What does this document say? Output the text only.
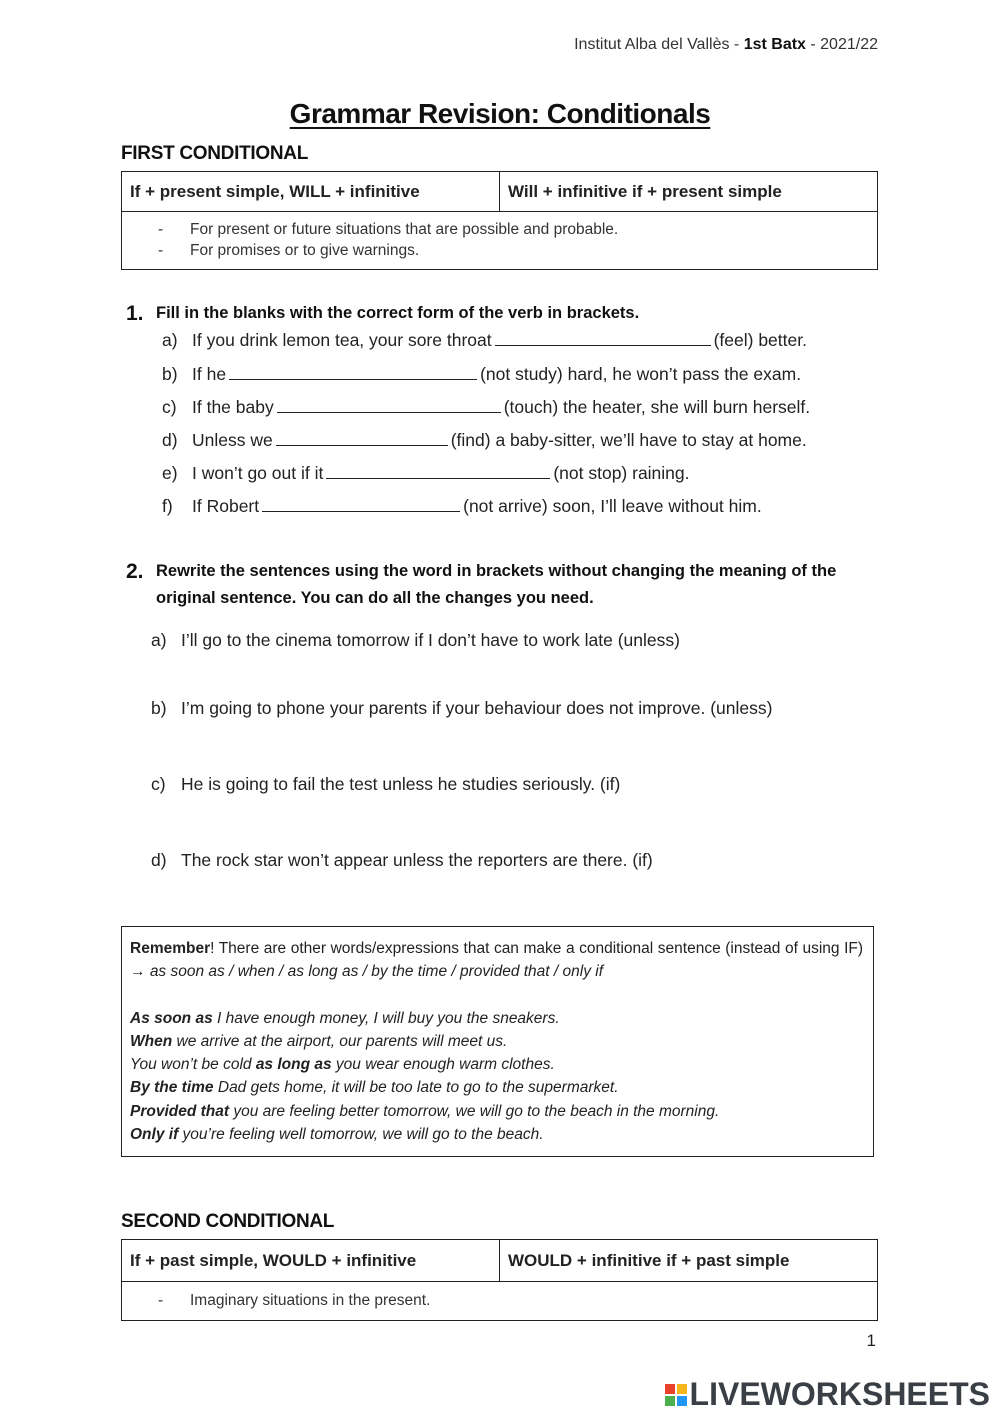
Institut Alba del Vallès - 1st Batx - 2021/22
Grammar Revision: Conditionals
FIRST CONDITIONAL
If + present simple, WILL + infinitive	Will + infinitive if + present simple

-	For present or future situations that are possible and probable.
-	For promises or to give warnings.
1. Fill in the blanks with the correct form of the verb in brackets.
a) If you drink lemon tea, your sore throat	(feel) better.
b) If he	(not study) hard, he won’t pass the exam.
c) If the baby	(touch) the heater, she will burn herself.
d) Unless we	(find) a baby-sitter, we’ll have to stay at home.
e) I won’t go out if it	(not stop) raining.
f) If Robert	(not arrive) soon, I’ll leave without him.
2. Rewrite the sentences using the word in brackets without changing the meaning of the
original sentence. You can do all the changes you need.
a) I’ll go to the cinema tomorrow if I don’t have to work late (unless)
b) I’m going to phone your parents if your behaviour does not improve. (unless)
c) He is going to fail the test unless he studies seriously. (if)
d) The rock star won’t appear unless the reporters are there. (if)
Remember! There are other words/expressions that can make a conditional sentence (instead of using IF) → as soon as / when / as long as / by the time / provided that / only if
As soon as I have enough money, I will buy you the sneakers.
When we arrive at the airport, our parents will meet us.
You won’t be cold as long as you wear enough warm clothes.
By the time Dad gets home, it will be too late to go to the supermarket.
Provided that you are feeling better tomorrow, we will go to the beach in the morning.
Only if you’re feeling well tomorrow, we will go to the beach.
SECOND CONDITIONAL
If + past simple, WOULD + infinitive	WOULD + infinitive if + past simple

-	Imaginary situations in the present.
1
LIVEWORKSHEETS
